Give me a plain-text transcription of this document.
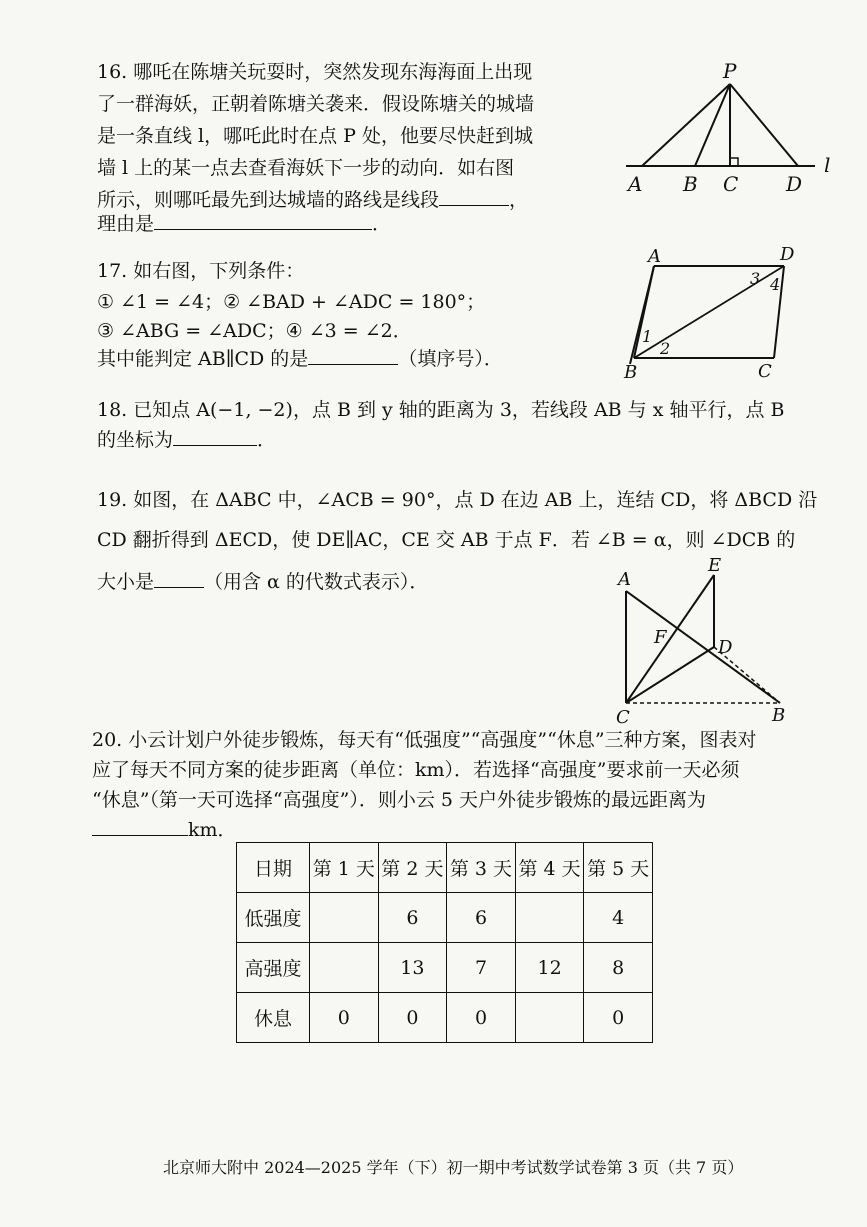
16. 哪吒在陈塘关玩耍时，突然发现东海海面上出现
了一群海妖，正朝着陈塘关袭来．假设陈塘关的城墙
是一条直线 l，哪吒此时在点 P 处，他要尽快赶到城
墙 l 上的某一点去查看海妖下一步的动向．如右图
所示，则哪吒最先到达城墙的路线是线段	，
理由是	．
P
A B C D
l
17. 如右图，下列条件：
① ∠1 = ∠4；② ∠BAD + ∠ADC = 180°；
③ ∠ABG = ∠ADC；④ ∠3 = ∠2．
其中能判定 AB∥CD 的是	（填序号）．
A	D
B	C
1
2
3 4
18. 已知点 A(−1, −2)，点 B 到 y 轴的距离为 3，若线段 AB 与 x 轴平行，点 B
的坐标为	．
19. 如图，在 ΔABC 中，∠ACB = 90°，点 D 在边 AB 上，连结 CD，将 ΔBCD 沿
CD 翻折得到 ΔECD，使 DE∥AC，CE 交 AB 于点 F．若 ∠B = α，则 ∠DCB 的
大小是	（用含 α 的代数式表示）．	A
E
F	D
C	B
20. 小云计划户外徒步锻炼，每天有“低强度”“高强度”“休息”三种方案，图表对
应了每天不同方案的徒步距离（单位：km）．若选择“高强度”要求前一天必须
“休息”（第一天可选择“高强度”）．则小云 5 天户外徒步锻炼的最远距离为
km．
日期	第 1 天	第 2 天	第 3 天	第 4 天	第 5 天
低强度		6	6		4
高强度		13	7	12	8
休息	0	0	0		0
北京师大附中 2024—2025 学年（下）初一期中考试数学试卷第 3 页（共 7 页）
